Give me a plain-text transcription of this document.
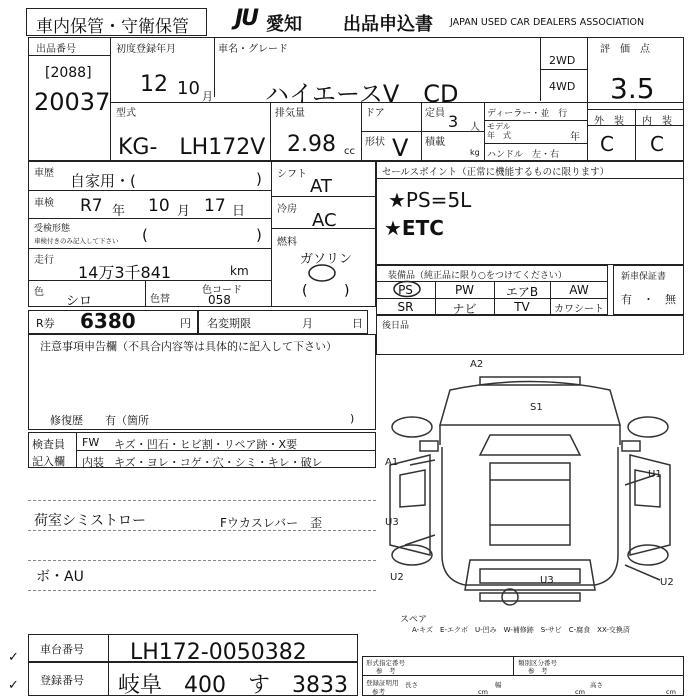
車内保管・守衛保管 JU 愛知 出品申込書 JAPAN USED CAR DEALERS ASSOCIATION
出品番号
[2088]
20037
初度登録年月
12 10 月
車名・グレード
ハイエースV　CD
2WD
4WD
評　価　点
3.5
外　装 内　装
C C
型式
KG-　LH172V
排気量
2.98 cc
ドア
形状 V
定員 3 人
積載
kg
ディーラー・並　行
モデル
年　式	年
ハンドル　左・右
車歴 自家用・(	)
車検 R7 年 10 月 17 日
受検形態
車検付きのみ記入して下さい (	)
走行
14万3千841	km
色
シロ	色替
色コード
058
シフト
AT
冷房
AC
燃料
ガソリン
(	)
セールスポイント（正常に機能するものに限ります）
★PS=5L
★ETC
装備品（純正品に限り○をつけてください）
PS	PW	エアB	AW
SR	ナビ	TV	カワシート
新車保証書
有　・　無
R券 6380	円 名変期限	月	日 後日品
注意事項申告欄（不具合内容等は具体的に記入して下さい）
修復歴　　有（箇所	)
検査員
記入欄
FW キズ・凹石・ヒビ割・リペア跡・X要
内装 キズ・ヨレ・コゲ・穴・シミ・キレ・破レ
荷室シミストロー	Fウカスレバー　歪
ボ・AU
A2
S1
U1
A1
U3
U2	U3	U2
スペア
A-キズ　E-エクボ　U-凹み　W-補修跡　S-サビ　C-腐食　XX-交換済
車台番号 LH172-0050382
登録番号 岐阜　400　す　3833
✓
✓
形式指定番号
参　考
類別区分番号
参　考
登録証明用
参考
長さ
cm
幅
cm
高さ
cm
